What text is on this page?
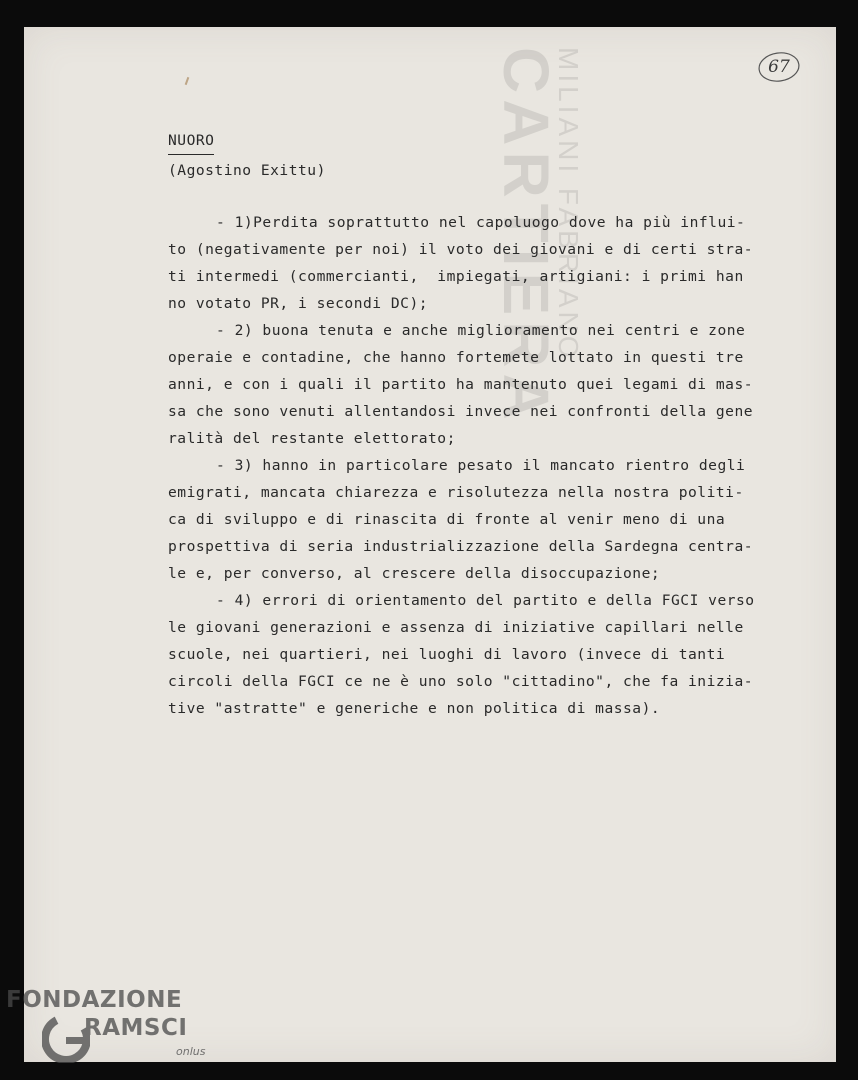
CARTIERA
MILIANI FABRIANO	67
NUORO
(Agostino Exittu)
- 1)Perdita soprattutto nel capoluogo dove ha più influi-
to (negativamente per noi) il voto dei giovani e di certi stra-
ti intermedi (commercianti,  impiegati, artigiani: i primi han
no votato PR, i secondi DC);
- 2) buona tenuta e anche miglioramento nei centri e zone
operaie e contadine, che hanno fortemete lottato in questi tre
anni, e con i quali il partito ha mantenuto quei legami di mas-
sa che sono venuti allentandosi invece nei confronti della gene
ralità del restante elettorato;
- 3) hanno in particolare pesato il mancato rientro degli
emigrati, mancata chiarezza e risolutezza nella nostra politi-
ca di sviluppo e di rinascita di fronte al venir meno di una
prospettiva di seria industrializzazione della Sardegna centra-
le e, per converso, al crescere della disoccupazione;
- 4) errori di orientamento del partito e della FGCI verso
le giovani generazioni e assenza di iniziative capillari nelle
scuole, nei quartieri, nei luoghi di lavoro (invece di tanti
circoli della FGCI ce ne è uno solo "cittadino", che fa inizia-
tive "astratte" e generiche e non politica di massa).
FONDAZIONE
RAMSCI
onlus
